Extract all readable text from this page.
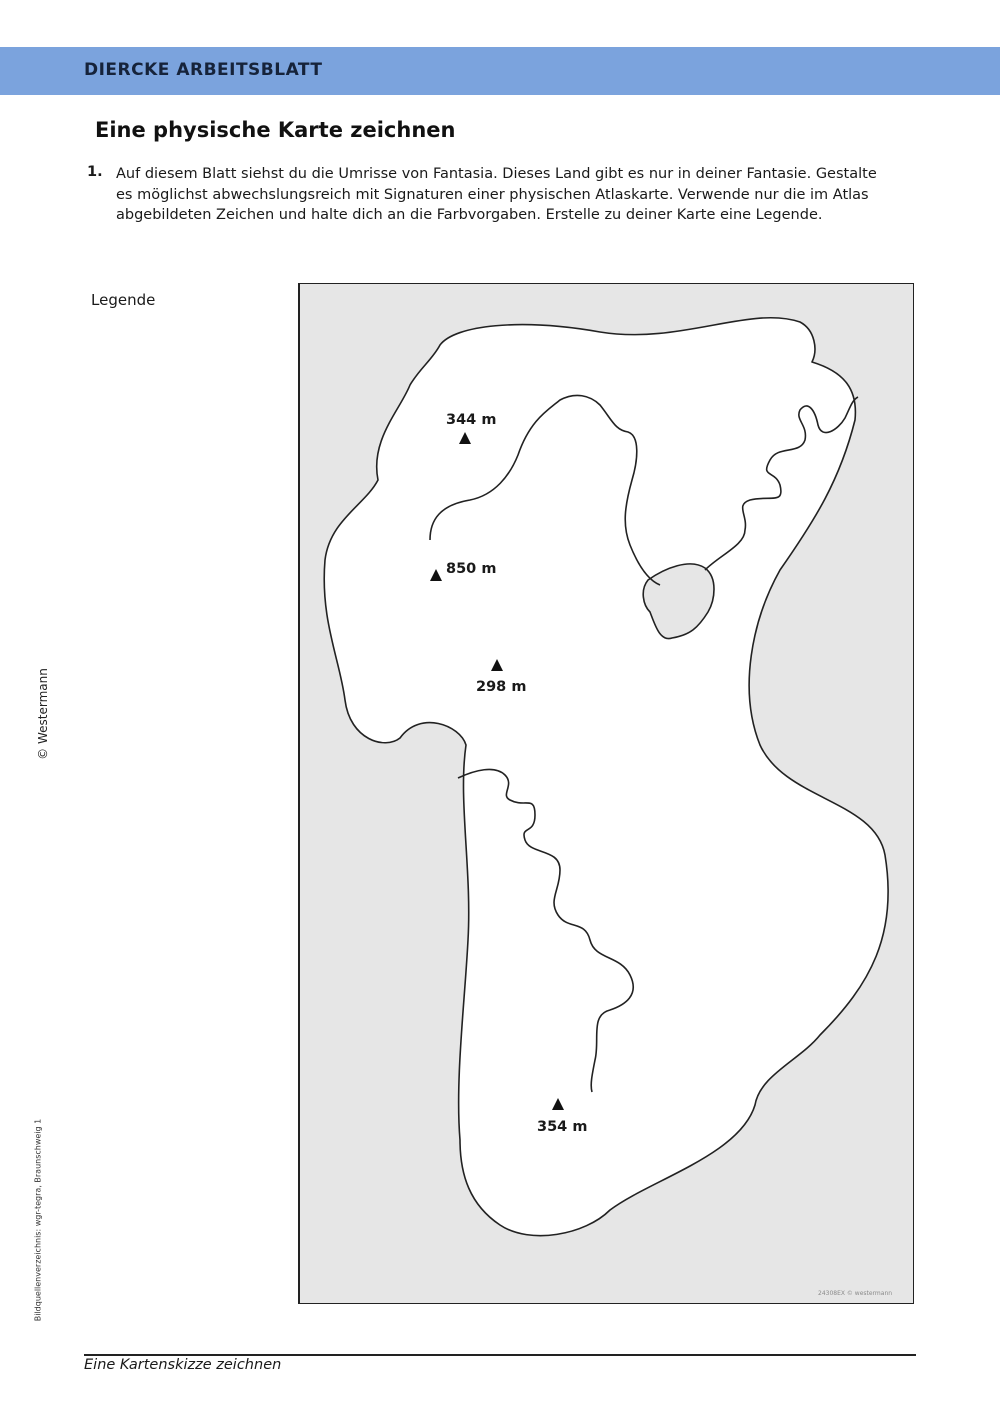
DIERCKE ARBEITSBLATT
Eine physische Karte zeichnen
1. Auf diesem Blatt siehst du die Umrisse von Fantasia. Dieses Land gibt es nur in deiner Fantasie. Gestalte
es möglichst abwechslungsreich mit Signaturen einer physischen Atlaskarte. Verwende nur die im Atlas
abgebildeten Zeichen und halte dich an die Farbvorgaben. Erstelle zu deiner Karte eine Legende.
Legende
344 m
850 m
298 m
354 m
24308EX © westermann
© Westermann
Bildquellenverzeichnis: wgr-tegra, Braunschweig 1
Eine Kartenskizze zeichnen
